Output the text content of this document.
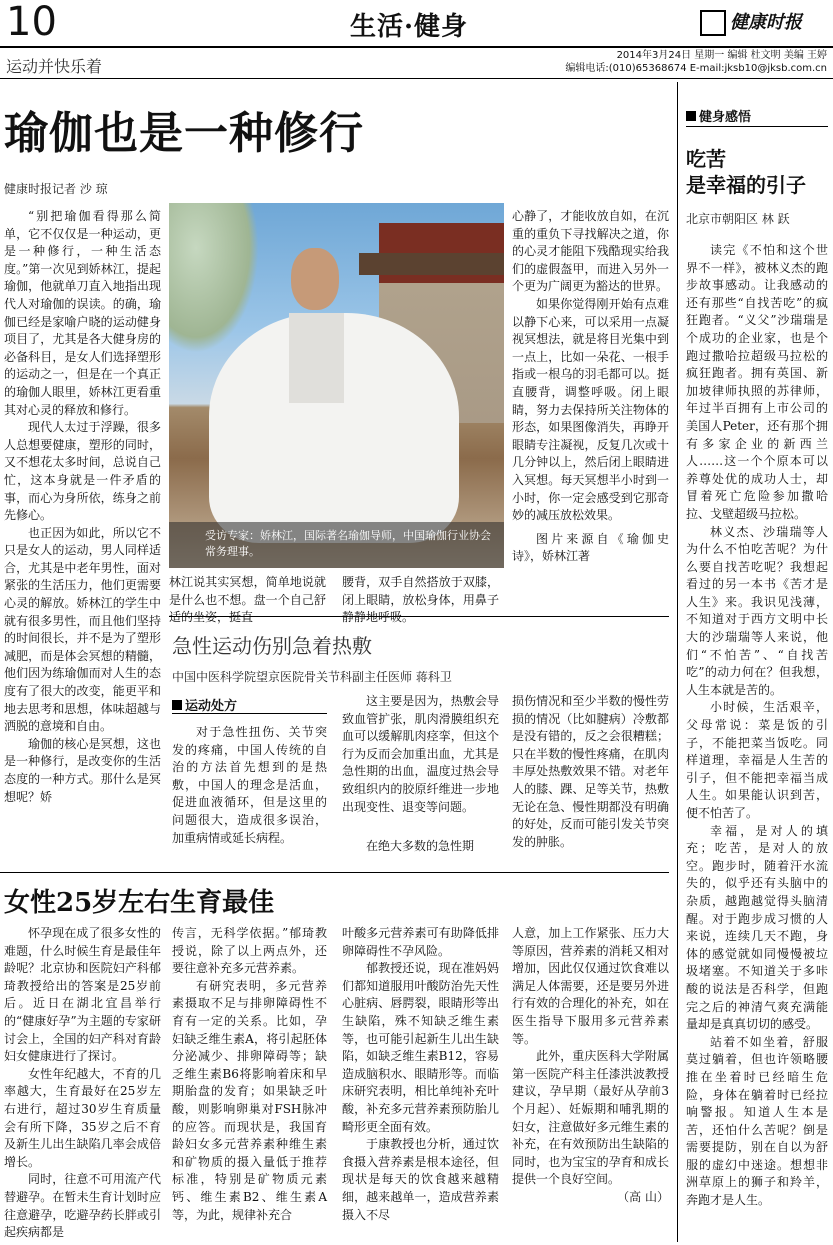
10	生活·健身	健康时报
运动并快乐着
2014年3月24日 星期一 编辑 杜文明 美编 王婷
编辑电话:(010)65368674 E-mail:jksb10@jksb.com.cn
瑜伽也是一种修行
健康时报记者 沙 琼

“别把瑜伽看得那么简单，它不仅仅是一种运动，更是一种修行，一种生活态度。”第一次见到娇林江，提起瑜伽，他就单刀直入地指出现代人对瑜伽的误读。的确，瑜伽已经是家喻户晓的运动健身项目了，尤其是各大健身房的必备科目，是女人们选择塑形的运动之一，但是在一个真正的瑜伽人眼里，娇林江更看重其对心灵的释放和修行。

现代人太过于浮躁，很多人总想要健康，塑形的同时，又不想花太多时间，总说自己忙，这本身就是一件矛盾的事，而心为身所依，练身之前先修心。

也正因为如此，所以它不只是女人的运动，男人同样适合，尤其是中老年男性，面对紧张的生活压力，他们更需要心灵的解放。娇林江的学生中就有很多男性，而且他们坚持的时间很长，并不是为了塑形减肥，而是体会冥想的精髓，他们因为练瑜伽而对人生的态度有了很大的改变，能更平和地去思考和思想，体味超越与洒脱的意境和自由。

瑜伽的核心是冥想，这也是一种修行，是改变你的生活态度的一种方式。那什么是冥想呢？娇

受访专家：娇林江，国际著名瑜伽导师，中国瑜伽行业协会常务理事。

林江说其实冥想，简单地说就是什么也不想。盘一个自己舒适的坐姿，挺直

腰背，双手自然搭放于双膝，闭上眼睛，放松身体，用鼻子静静地呼吸。

心静了，才能收放自如，在沉重的重负下寻找解决之道，你的心灵才能阻下残酷现实给我们的虚假盔甲，而进入另外一个更为广阔更为豁达的世界。

如果你觉得刚开始有点难以静下心来，可以采用一点凝视冥想法，就是将目光集中到一点上，比如一朵花、一根手指或一根乌的羽毛都可以。挺直腰背，调整呼吸。闭上眼睛，努力去保持所关注物体的形态，如果图像消失，再睁开眼睛专注凝视，反复几次或十几分钟以上，然后闭上眼睛进入冥想。每天冥想半小时到一小时，你一定会感受到它那奇妙的减压放松效果。

图片来源自《瑜伽史诗》，娇林江著

急性运动伤别急着热敷
中国中医科学院望京医院骨关节科副主任医师 蒋科卫
运动处方

对于急性扭伤、关节突发的疼痛，中国人传统的自治的方法首先想到的是热敷，中国人的理念是活血，促进血液循环，但是这里的问题很大，造成很多误治，加重病情或延长病程。

这主要是因为，热敷会导致血管扩张，肌肉滑膜组织充血可以缓解肌肉痉挛，但这个行为反而会加重出血，尤其是急性期的出血，温度过热会导致组织内的胶原纤维进一步地出现变性、退变等问题。

在绝大多数的急性期

损伤情况和至少半数的慢性劳损的情况（比如腱病）冷敷都是没有错的，反之会很糟糕；只在半数的慢性疼痛，在肌肉丰厚处热敷效果不错。对老年人的膝、踝、足等关节，热敷无论在急、慢性期都没有明确的好处，反而可能引发关节突发的肿胀。

女性25岁左右生育最佳

怀孕现在成了很多女性的难题，什么时候生育是最佳年龄呢？北京协和医院妇产科郁琦教授给出的答案是25岁前后。近日在湖北宜昌举行的“健康好孕”为主题的专家研讨会上，全国的妇产科对育龄妇女健康进行了探讨。

女性年纪越大，不育的几率越大，生育最好在25岁左右进行，超过30岁生育质量会有所下降，35岁之后不育及新生儿出生缺陷几率会成倍增长。

同时，往意不可用流产代替避孕。在暂未生育计划时应往意避孕，吃避孕药长胖或引起疾病都是

传言，无科学依据。”郁琦教授说，除了以上两点外，还要往意补充多元营养素。

有研究表明，多元营养素摄取不足与排卵障碍性不育有一定的关系。比如，孕妇缺乏维生素A，将引起胚体分泌减少、排卵障碍等；缺乏维生素B6将影响着床和早期胎盘的发育；如果缺乏叶酸，则影响卵巢对FSH脉冲的应答。而现状是，我国育龄妇女多元营养素种维生素和矿物质的摄入量低于推荐标准，特别是矿物质元素钙、维生素B2、维生素A等，为此，规律补充合

叶酸多元营养素可有助降低排卵障碍性不孕风险。

郁教授还说，现在准妈妈们都知道服用叶酸防治先天性心脏病、唇腭裂，眼睛形等出生缺陷，殊不知缺乏维生素等，也可能引起新生儿出生缺陷，如缺乏维生素B12，容易造成脑积水、眼睛形等。而临床研究表明，相比单纯补充叶酸，补充多元营养素预防胎儿畸形更全面有效。

于康教授也分析，通过饮食摄入营养素是根本途径，但现状是每天的饮食越来越精细，越来越单一，造成营养素摄入不尽

人意，加上工作紧张、压力大等原因，营养素的消耗又相对增加，因此仅仅通过饮食难以满足人体需要，还是要另外进行有效的合理化的补充，如在医生指导下服用多元营养素等。

此外，重庆医科大学附属第一医院产科主任漆洪波教授建议，孕早期（最好从孕前3个月起）、妊娠期和哺乳期的妇女，注意做好多元维生素的补充，在有效预防出生缺陷的同时，也为宝宝的孕育和成长提供一个良好空间。

（高 山）

健身感悟
吃苦
是幸福的引子
北京市朝阳区 林 跃

读完《不怕和这个世界不一样》，被林义杰的跑步故事感动。让我感动的还有那些“自找苦吃”的疯狂跑者。“义父”沙瑞瑞是个成功的企业家，也是个跑过撒哈拉超级马拉松的疯狂跑者。拥有英国、新加坡律师执照的苏律师，年过半百拥有上市公司的美国人Peter，还有那个拥有多家企业的新西兰人……这一个个原本可以养尊处优的成功人士，却冒着死亡危险参加撒哈拉、戈壁超级马拉松。

林义杰、沙瑞瑞等人为什么不怕吃苦呢？为什么要自找苦吃呢？我想起看过的另一本书《苦才是人生》来。我识见浅薄，不知道对于西方文明中长大的沙瑞瑞等人来说，他们“不怕苦”、“自找苦吃”的动力何在？但我想，人生本就是苦的。

小时候，生活艰辛，父母常说：菜是饭的引子，不能把菜当饭吃。同样道理，幸福是人生苦的引子，但不能把幸福当成人生。如果能认识到苦，便不怕苦了。

幸福，是对人的填充；吃苦，是对人的放空。跑步时，随着汗水流失的，似乎还有头脑中的杂质，越跑越觉得头脑清醒。对于跑步成习惯的人来说，连续几天不跑，身体的感觉就如同慢慢被垃圾堵塞。不知道关于多咔酸的说法是否科学，但跑完之后的神清气爽充满能量却是真真切切的感受。

站着不如坐着，舒服莫过躺着，但也许领略腰推在坐着时已经暗生危险，身体在躺着时已经拉响警报。知道人生本是苦，还怕什么苦呢？倒是需要提防，别在自以为舒服的虚幻中迷途。想想非洲草原上的狮子和羚羊，奔跑才是人生。
